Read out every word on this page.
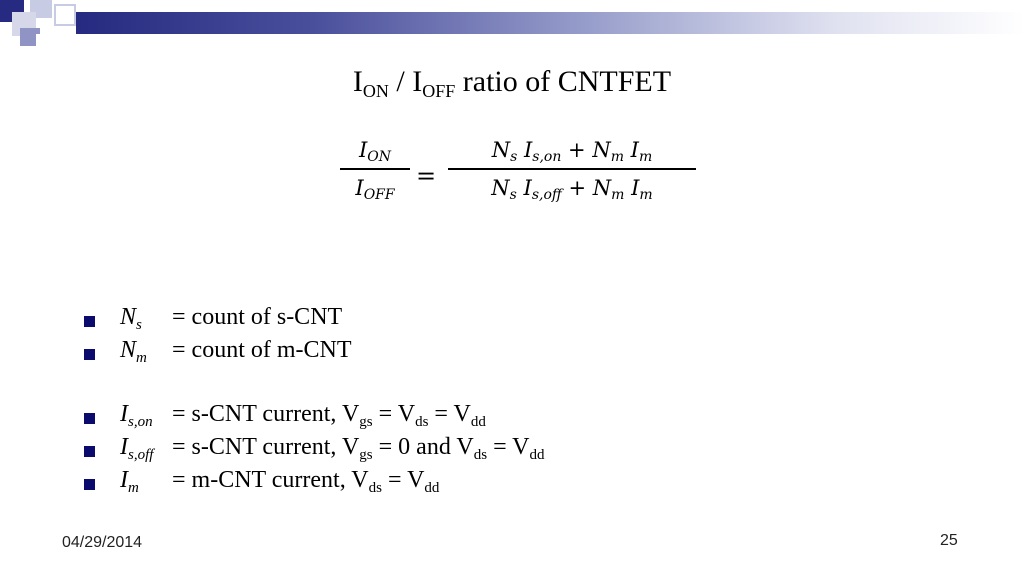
$I_{ON} / I_{OFF}$ ratio of CNTFET
$I_{ON}$
$I_{OFF}$
=
$N_s$ $I_{s,on} + N_m$ $I_m$
$N_s$ $I_{s,off} + N_m$ $I_m$
$N_s$ = count of s-CNT
$N_m$ = count of m-CNT
$I_{s,on} = s-CNT$ current, $V_{gs} = V_{ds} = V_{dd}$
$I_{s,off} = s-CNT$ current, $V_{gs} = 0$ and $V_{ds} = V_{dd}$
$I_m = m-CNT$ current, $V_{ds} = V_{dd}$
04/29/2014	25
